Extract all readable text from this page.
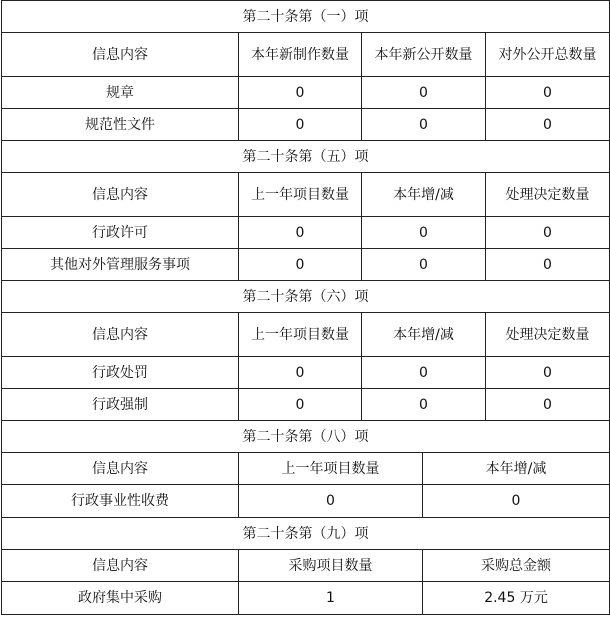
第二十条第（一）项				
信息内容	本年新制作数量	本年新公开数量		对外公开总数量
规章	0	0		0
规范性文件	0	0		0
第二十条第（五）项				
信息内容	上一年项目数量	本年增/减		处理决定数量
行政许可	0	0		0
其他对外管理服务事项	0	0		0
第二十条第（六）项				
信息内容	上一年项目数量	本年增/减		处理决定数量
行政处罚	0	0		0
行政强制	0	0		0
第二十条第（八）项				
信息内容	上一年项目数量		本年增/减	
行政事业性收费	0		0	
第二十条第（九）项				
信息内容	采购项目数量		采购总金额	
政府集中采购	1		2.45 万元	
